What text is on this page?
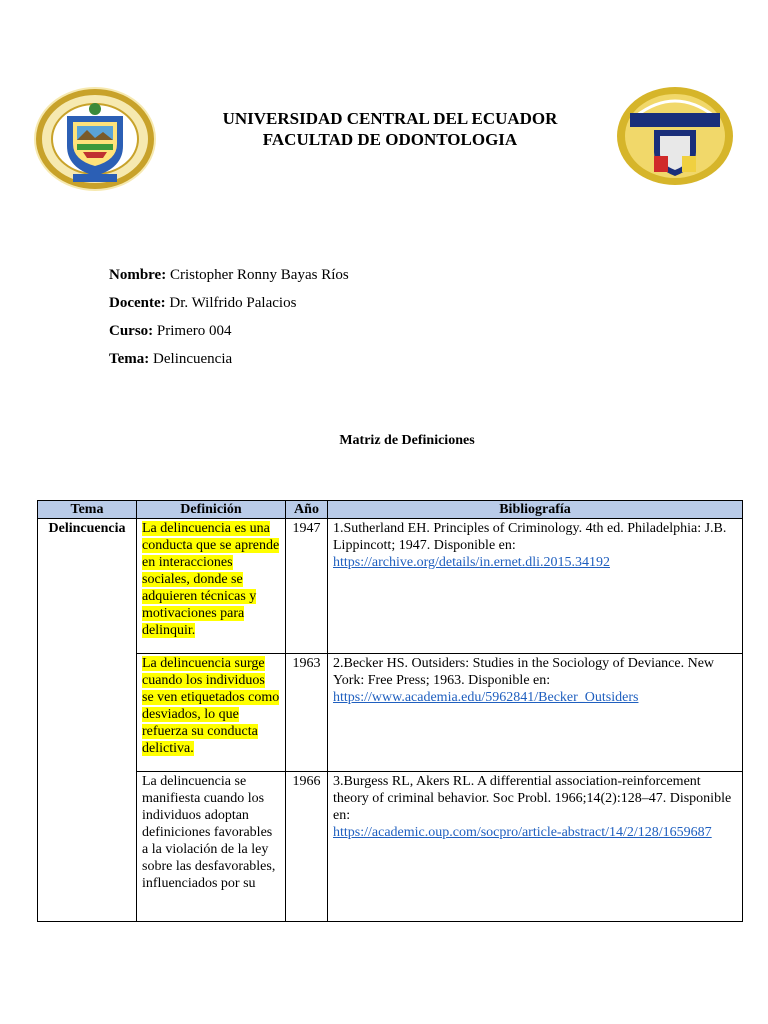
UNIVERSIDAD CENTRAL DEL ECUADOR
FACULTAD DE ODONTOLOGIA
Nombre: Cristopher Ronny Bayas Ríos
Docente: Dr. Wilfrido Palacios
Curso: Primero 004
Tema: Delincuencia
Matriz de Definiciones
Tema	Definición	Año	Bibliografía
Delincuencia	La delincuencia es una conducta que se aprende en interacciones sociales, donde se adquieren técnicas y motivaciones para delinquir.	1947	1.Sutherland EH. Principles of Criminology. 4th ed. Philadelphia: J.B. Lippincott; 1947. Disponible en:
https://archive.org/details/in.ernet.dli.2015.34192
	La delincuencia surge cuando los individuos se ven etiquetados como desviados, lo que refuerza su conducta delictiva.	1963	2.Becker HS. Outsiders: Studies in the Sociology of Deviance. New York: Free Press; 1963. Disponible en:
https://www.academia.edu/5962841/Becker_Outsiders

	La delincuencia se manifiesta cuando los individuos adoptan definiciones favorables a la violación de la ley sobre las desfavorables, influenciados por su	1966	3.Burgess RL, Akers RL. A differential association-reinforcement theory of criminal behavior. Soc Probl. 1966;14(2):128–47. Disponible en:
https://academic.oup.com/socpro/article-abstract/14/2/128/1659687
